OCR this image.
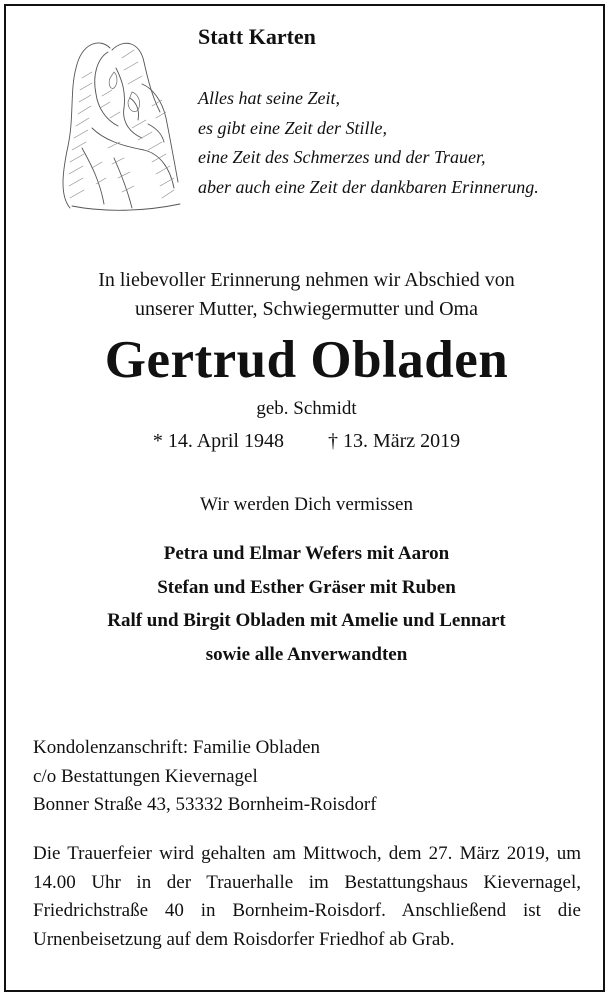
Statt Karten
Alles hat seine Zeit,
es gibt eine Zeit der Stille,
eine Zeit des Schmerzes und der Trauer,
aber auch eine Zeit der dankbaren Erinnerung.
In liebevoller Erinnerung nehmen wir Abschied von
unserer Mutter, Schwiegermutter und Oma
Gertrud Obladen
geb. Schmidt
* 14. April 1948 † 13. März 2019
Wir werden Dich vermissen
Petra und Elmar Wefers mit Aaron
Stefan und Esther Gräser mit Ruben
Ralf und Birgit Obladen mit Amelie und Lennart
sowie alle Anverwandten
Kondolenzanschrift: Familie Obladen
c/o Bestattungen Kievernagel
Bonner Straße 43, 53332 Bornheim-Roisdorf
Die Trauerfeier wird gehalten am Mittwoch, dem 27. März 2019, um 14.00 Uhr in der Trauerhalle im Bestattungshaus Kievernagel, Friedrichstraße 40 in Bornheim-Roisdorf. Anschließend ist die Urnenbeisetzung auf dem Roisdorfer Friedhof ab Grab.
